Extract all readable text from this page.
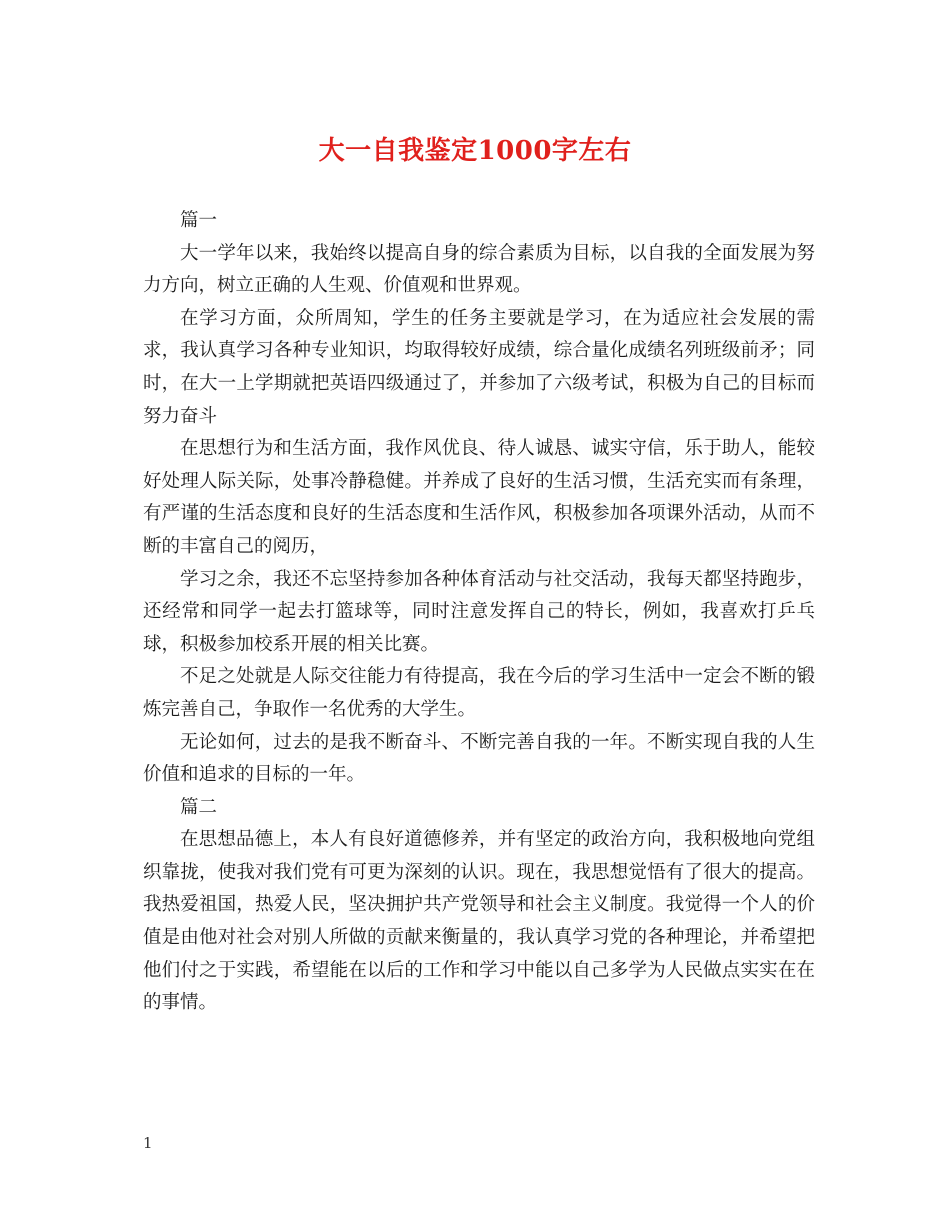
大一自我鉴定1000字左右

篇一

大一学年以来，我始终以提高自身的综合素质为目标，以自我的全面发展为努力方向，树立正确的人生观、价值观和世界观。

在学习方面，众所周知，学生的任务主要就是学习，在为适应社会发展的需求，我认真学习各种专业知识，均取得较好成绩，综合量化成绩名列班级前矛；同时，在大一上学期就把英语四级通过了，并参加了六级考试，积极为自己的目标而努力奋斗

在思想行为和生活方面，我作风优良、待人诚恳、诚实守信，乐于助人，能较好处理人际关际，处事冷静稳健。并养成了良好的生活习惯，生活充实而有条理，有严谨的生活态度和良好的生活态度和生活作风，积极参加各项课外活动，从而不断的丰富自己的阅历，

学习之余，我还不忘坚持参加各种体育活动与社交活动，我每天都坚持跑步，还经常和同学一起去打篮球等，同时注意发挥自己的特长，例如，我喜欢打乒乓球，积极参加校系开展的相关比赛。

不足之处就是人际交往能力有待提高，我在今后的学习生活中一定会不断的锻炼完善自己，争取作一名优秀的大学生。

无论如何，过去的是我不断奋斗、不断完善自我的一年。不断实现自我的人生价值和追求的目标的一年。

篇二

在思想品德上，本人有良好道德修养，并有坚定的政治方向，我积极地向党组织靠拢，使我对我们党有可更为深刻的认识。现在，我思想觉悟有了很大的提高。我热爱祖国，热爱人民，坚决拥护共产党领导和社会主义制度。我觉得一个人的价值是由他对社会对别人所做的贡献来衡量的，我认真学习党的各种理论，并希望把他们付之于实践，希望能在以后的工作和学习中能以自己多学为人民做点实实在在的事情。

1
